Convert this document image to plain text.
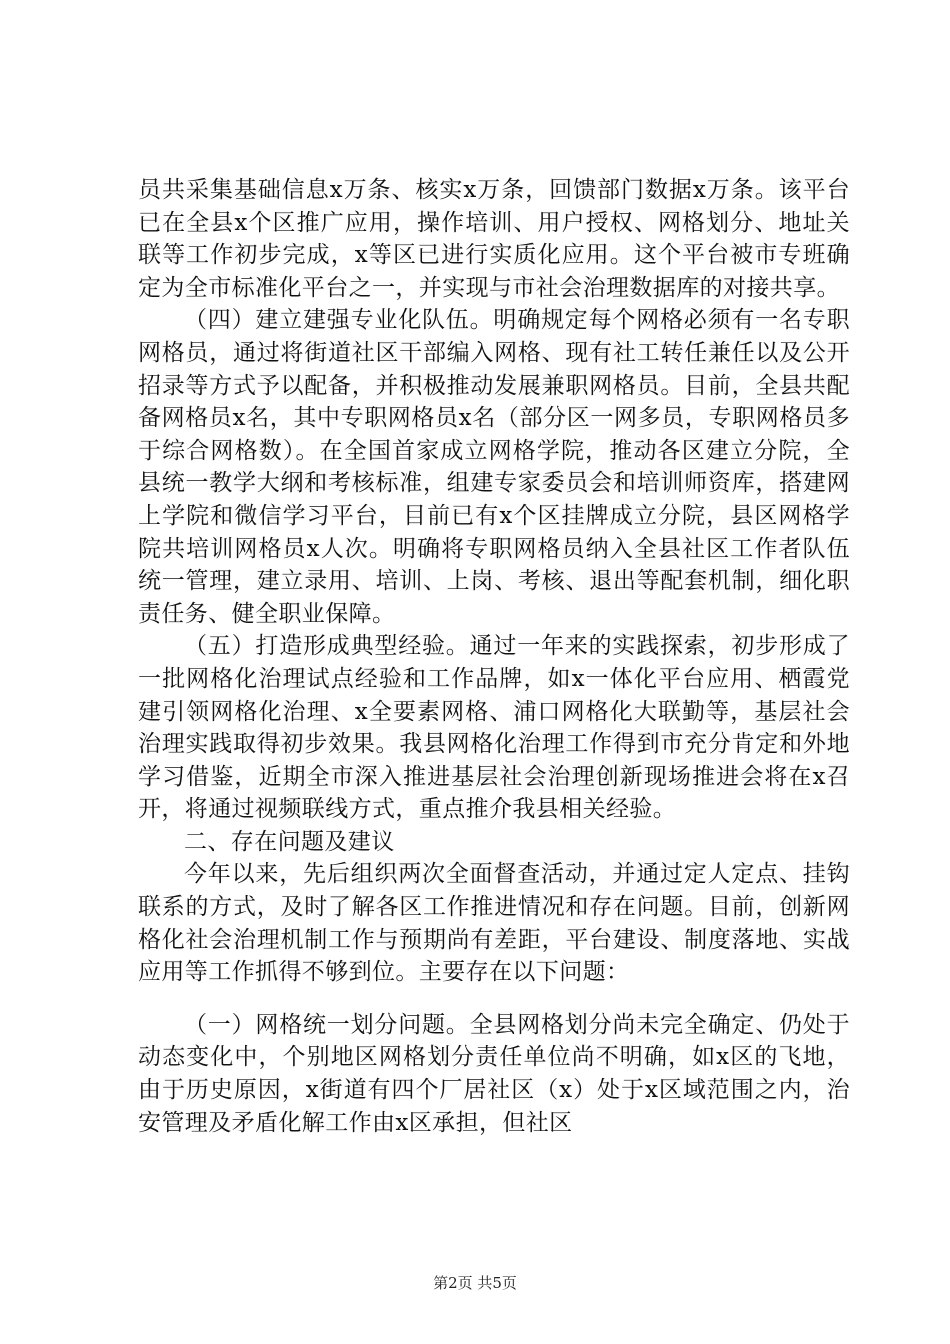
员共采集基础信息x万条、核实x万条，回馈部门数据x万条。该平台已在全县x个区推广应用，操作培训、用户授权、网格划分、地址关联等工作初步完成，x等区已进行实质化应用。这个平台被市专班确定为全市标准化平台之一，并实现与市社会治理数据库的对接共享。

（四）建立建强专业化队伍。明确规定每个网格必须有一名专职网格员，通过将街道社区干部编入网格、现有社工转任兼任以及公开招录等方式予以配备，并积极推动发展兼职网格员。目前，全县共配备网格员x名，其中专职网格员x名（部分区一网多员，专职网格员多于综合网格数）。在全国首家成立网格学院，推动各区建立分院，全县统一教学大纲和考核标准，组建专家委员会和培训师资库，搭建网上学院和微信学习平台，目前已有x个区挂牌成立分院，县区网格学院共培训网格员x人次。明确将专职网格员纳入全县社区工作者队伍统一管理，建立录用、培训、上岗、考核、退出等配套机制，细化职责任务、健全职业保障。

（五）打造形成典型经验。通过一年来的实践探索，初步形成了一批网格化治理试点经验和工作品牌，如x一体化平台应用、栖霞党建引领网格化治理、x全要素网格、浦口网格化大联勤等，基层社会治理实践取得初步效果。我县网格化治理工作得到市充分肯定和外地学习借鉴，近期全市深入推进基层社会治理创新现场推进会将在x召开，将通过视频联线方式，重点推介我县相关经验。

二、存在问题及建议

今年以来，先后组织两次全面督查活动，并通过定人定点、挂钩联系的方式，及时了解各区工作推进情况和存在问题。目前，创新网格化社会治理机制工作与预期尚有差距，平台建设、制度落地、实战应用等工作抓得不够到位。主要存在以下问题：

（一）网格统一划分问题。全县网格划分尚未完全确定、仍处于动态变化中，个别地区网格划分责任单位尚不明确，如x区的飞地，由于历史原因，x街道有四个厂居社区（x）处于x区域范围之内，治安管理及矛盾化解工作由x区承担，但社区

第2页 共5页
